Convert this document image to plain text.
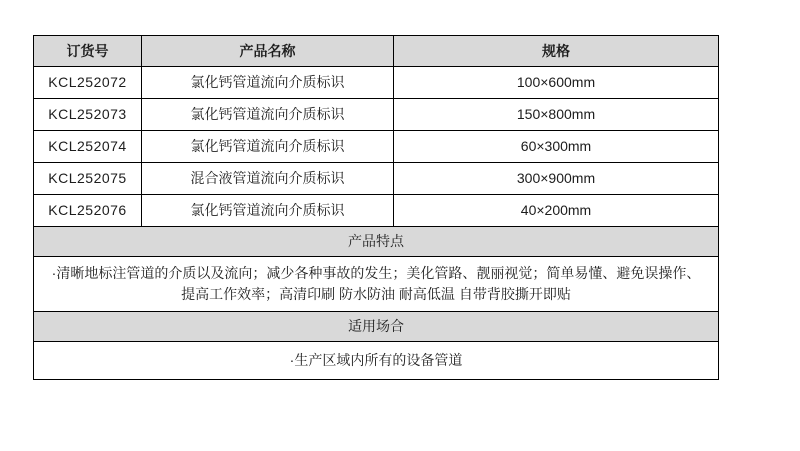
订货号	产品名称	规格
KCL252072	氯化钙管道流向介质标识	100×600mm
KCL252073	氯化钙管道流向介质标识	150×800mm
KCL252074	氯化钙管道流向介质标识	60×300mm
KCL252075	混合液管道流向介质标识	300×900mm
KCL252076	氯化钙管道流向介质标识	40×200mm
产品特点		
·清晰地标注管道的介质以及流向；减少各种事故的发生；美化管路、靓丽视觉；简单易懂、避免误操作、提高工作效率；高清印刷 防水防油 耐高低温 自带背胶撕开即贴		
适用场合		
·生产区域内所有的设备管道		
